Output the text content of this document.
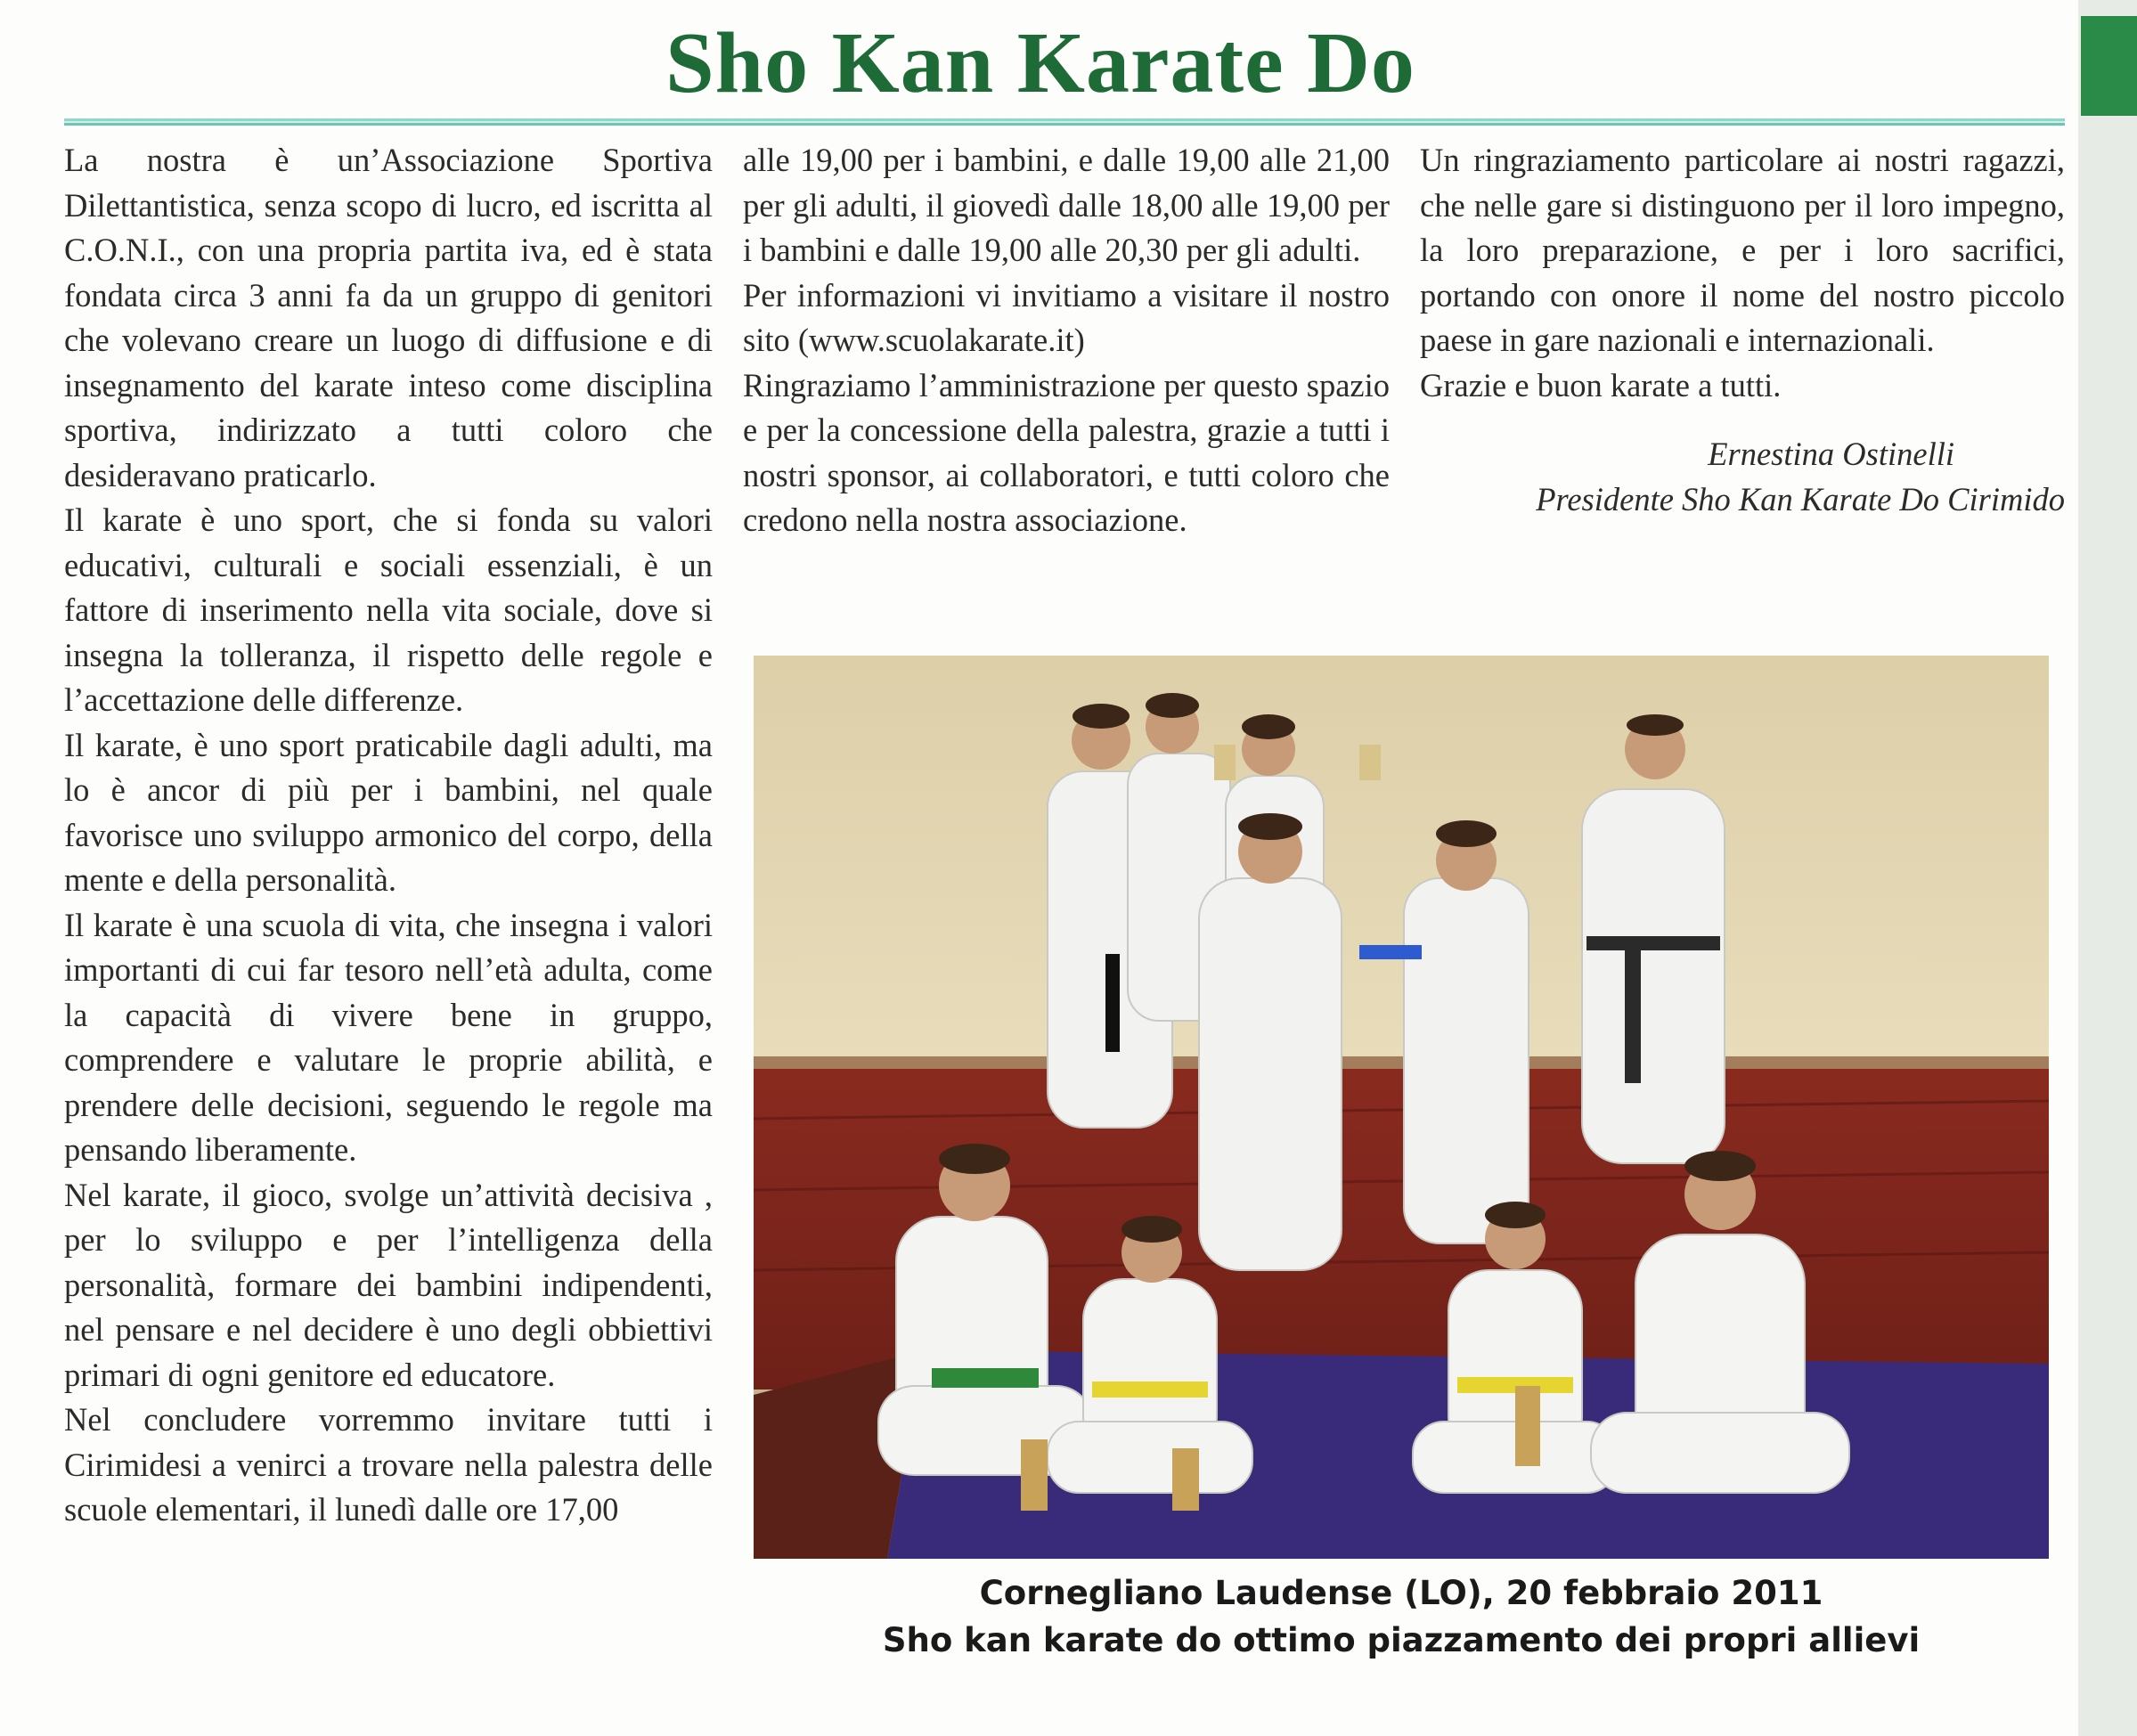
Sho Kan Karate Do

La nostra è un’Associazione Sportiva Dilettantistica, senza scopo di lucro, ed iscritta al C.O.N.I., con una propria partita iva, ed è stata fondata circa 3 anni fa da un gruppo di genitori che volevano creare un luogo di diffusione e di insegnamento del karate inteso come disciplina sportiva, indirizzato a tutti coloro che desideravano praticarlo.

Il karate è uno sport, che si fonda su valori educativi, culturali e sociali essenziali, è un fattore di inserimento nella vita sociale, dove si insegna la tolleranza, il rispetto delle regole e l’accettazione delle differenze.

Il karate, è uno sport praticabile dagli adulti, ma lo è ancor di più per i bambini, nel quale favorisce uno sviluppo armonico del corpo, della mente e della personalità.

Il karate è una scuola di vita, che insegna i valori importanti di cui far tesoro nell’età adulta, come la capacità di vivere bene in gruppo, comprendere e valutare le proprie abilità, e prendere delle decisioni, seguendo le regole ma pensando liberamente.

Nel karate, il gioco, svolge un’attività decisiva , per lo sviluppo e per l’intelligenza della personalità, formare dei bambini indipendenti, nel pensare e nel decidere è uno degli obbiettivi primari di ogni genitore ed educatore.

Nel concludere vorremmo invitare tutti i Cirimidesi a venirci a trovare nella palestra delle scuole elementari, il lunedì dalle ore 17,00

alle 19,00 per i bambini, e dalle 19,00 alle 21,00 per gli adulti, il giovedì dalle 18,00 alle 19,00 per i bambini e dalle 19,00 alle 20,30 per gli adulti.

Per informazioni vi invitiamo a visitare il nostro sito (www.scuolakarate.it)

Ringraziamo l’amministrazione per questo spazio e per la concessione della palestra, grazie a tutti i nostri sponsor, ai collaboratori, e tutti coloro che credono nella nostra associazione.

Un ringraziamento particolare ai nostri ragazzi, che nelle gare si distinguono per il loro impegno, la loro preparazione, e per i loro sacrifici, portando con onore il nome del nostro piccolo paese in gare nazionali e internazionali.

Grazie e buon karate a tutti.

Ernestina Ostinelli

Presidente Sho Kan Karate Do Cirimido

Cornegliano Laudense (LO), 20 febbraio 2011
Sho kan karate do ottimo piazzamento dei propri allievi
